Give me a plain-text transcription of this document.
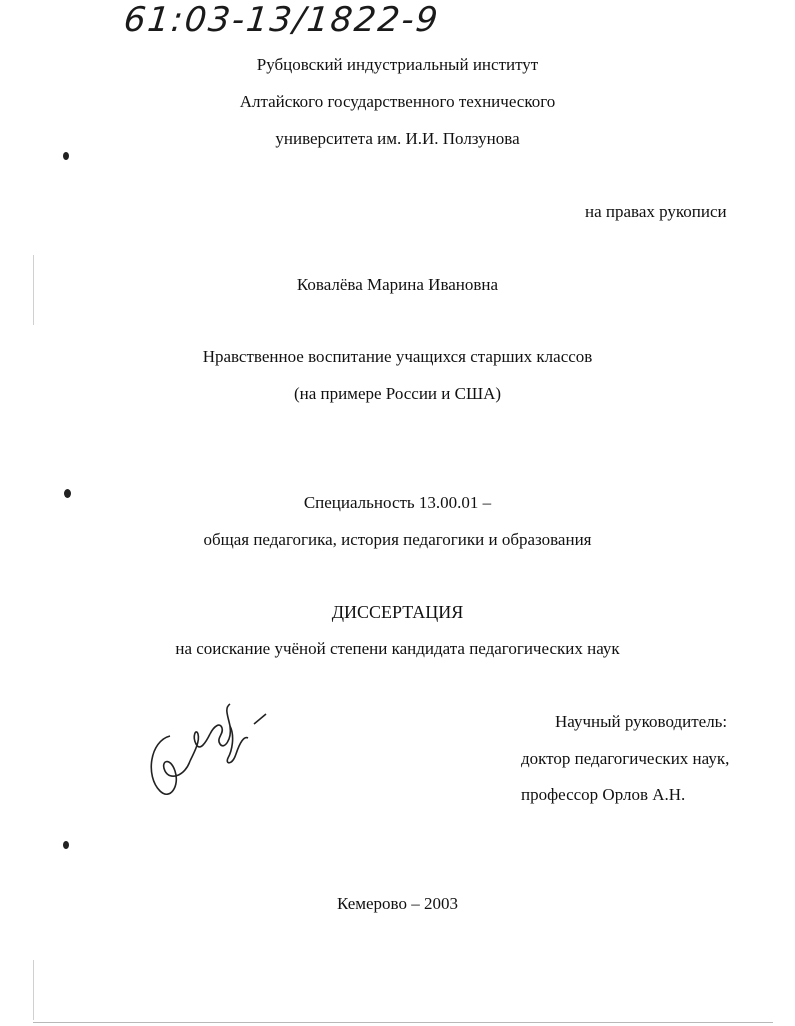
61:03-13/1822-9
Рубцовский индустриальный институт
Алтайского государственного технического
университета им. И.И. Ползунова
на правах рукописи
Ковалёва Марина Ивановна
Нравственное воспитание учащихся старших классов
(на примере России и США)
Специальность 13.00.01 –
общая педагогика, история педагогики и образования
ДИССЕРТАЦИЯ
на соискание учёной степени кандидата педагогических наук
Научный руководитель:
доктор педагогических наук,
профессор Орлов А.Н.
Кемерово – 2003
